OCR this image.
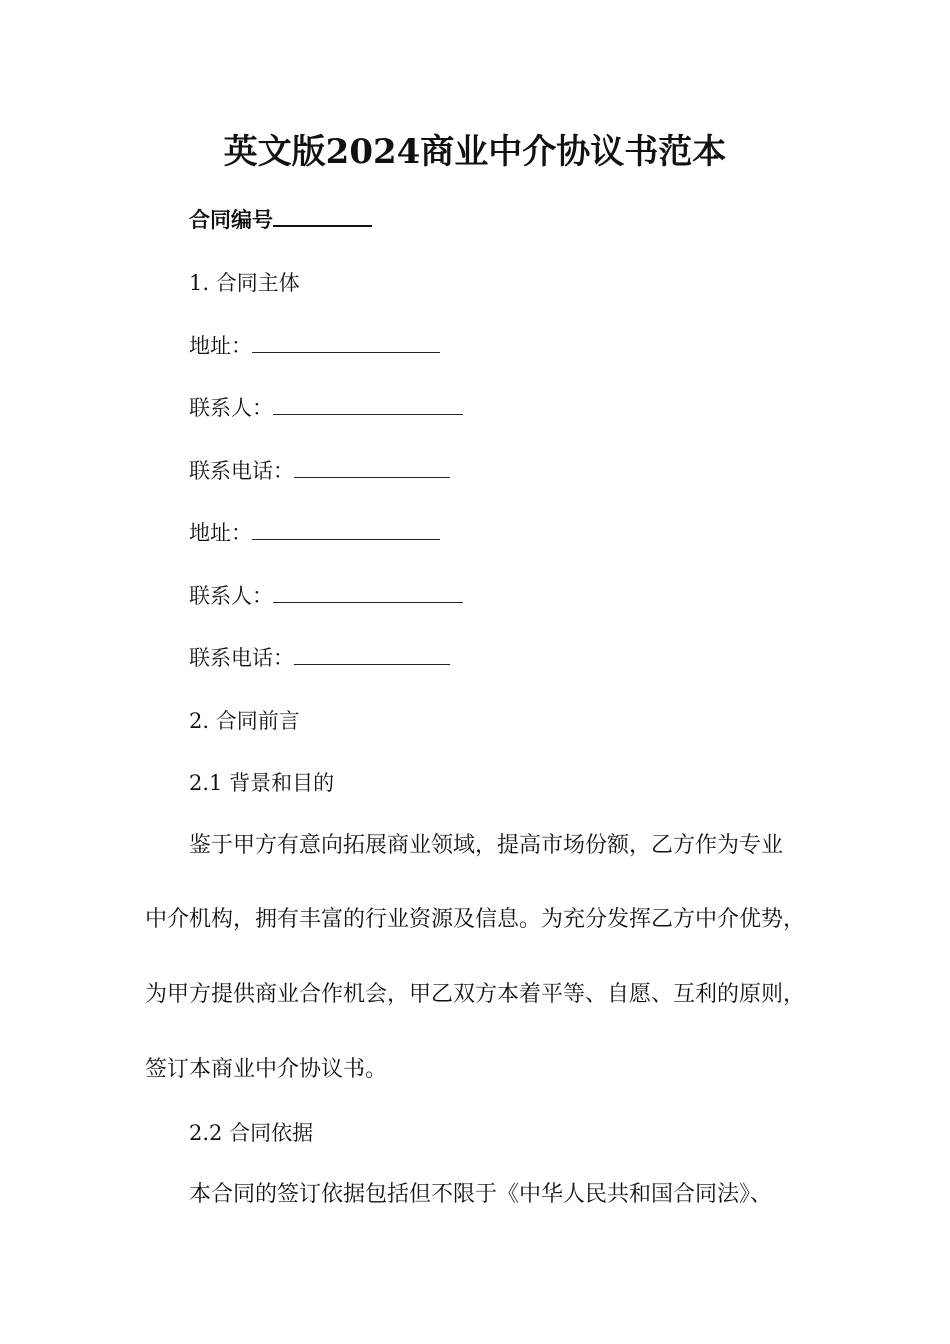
英文版2024商业中介协议书范本
合同编号
1. 合同主体
地址：
联系人：
联系电话：
地址：
联系人：
联系电话：
2. 合同前言
2.1 背景和目的
鉴于甲方有意向拓展商业领域，提高市场份额，乙方作为专业
中介机构，拥有丰富的行业资源及信息。为充分发挥乙方中介优势，
为甲方提供商业合作机会，甲乙双方本着平等、自愿、互利的原则，
签订本商业中介协议书。
2.2 合同依据
本合同的签订依据包括但不限于《中华人民共和国合同法》、
